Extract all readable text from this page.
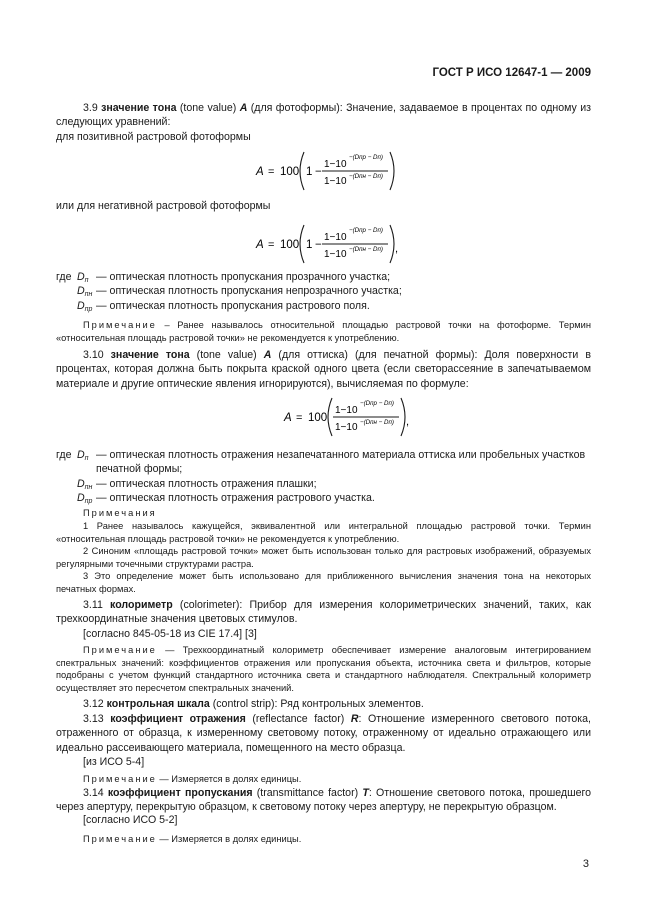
ГОСТ Р ИСО 12647-1 — 2009
3.9 значение тона (tone value) A (для фотоформы): Значение, задаваемое в процентах по одному из следующих уравнений:
для позитивной растровой фотоформы
A = 100 1 −
1−10
−(Dпр − Dп)
1−10 −(Dпн − Dп)
или для негативной растровой фотоформы
A = 100 1 −
1−10
−(Dпр − Dп)
1−10 −(Dпн − Dп) ,
где $D_п$ — оптическая плотность пропускания прозрачного участка;
$D_{пн}$ — оптическая плотность пропускания непрозрачного участка;
$D_{пр}$ — оптическая плотность пропускания растрового поля.
Примечание – Ранее называлось относительной площадью растровой точки на фотоформе. Термин «относительная площадь растровой точки» не рекомендуется к употреблению.
3.10 значение тона (tone value) A (для оттиска) (для печатной формы): Доля поверхности в процентах, которая должна быть покрыта краской одного цвета (если светорассеяние в запечатываемом материале и другие оптические явления игнорируются), вычисляемая по формуле:
A = 100
1−10
−(Dпр − Dп)
1−10 −(Dпн − Dп) ,
где $D_п$ — оптическая плотность отражения незапечатанного материала оттиска или пробельных участков печатной формы;
$D_{пн}$ — оптическая плотность отражения плашки;
$D_{пр}$ — оптическая плотность отражения растрового участка.
Примечания
1 Ранее называлось кажущейся, эквивалентной или интегральной площадью растровой точки. Термин «относительная площадь растровой точки» не рекомендуется к употреблению.
2 Синоним «площадь растровой точки» может быть использован только для растровых изображений, образуемых регулярными точечными структурами растра.
3 Это определение может быть использовано для приближенного вычисления значения тона на некоторых печатных формах.
3.11 колориметр (colorimeter): Прибор для измерения колориметрических значений, таких, как трехкоординатные значения цветовых стимулов.
[согласно 845-05-18 из CIE 17.4] [3]
Примечание — Трехкоординатный колориметр обеспечивает измерение аналоговым интегрированием спектральных значений: коэффициентов отражения или пропускания объекта, источника света и фильтров, которые подобраны с учетом функций стандартного источника света и стандартного наблюдателя. Спектральный колориметр осуществляет это пересчетом спектральных значений.
3.12 контрольная шкала (control strip): Ряд контрольных элементов.
3.13 коэффициент отражения (reflectance factor) R: Отношение измеренного светового потока, отраженного от образца, к измеренному световому потоку, отраженному от идеально отражающего или идеально рассеивающего материала, помещенного на место образца.
[из ИСО 5-4]
Примечание — Измеряется в долях единицы.
3.14 коэффициент пропускания (transmittance factor) T: Отношение светового потока, прошедшего через апертуру, перекрытую образцом, к световому потоку через апертуру, не перекрытую образцом.
[согласно ИСО 5-2]
Примечание — Измеряется в долях единицы.
3
